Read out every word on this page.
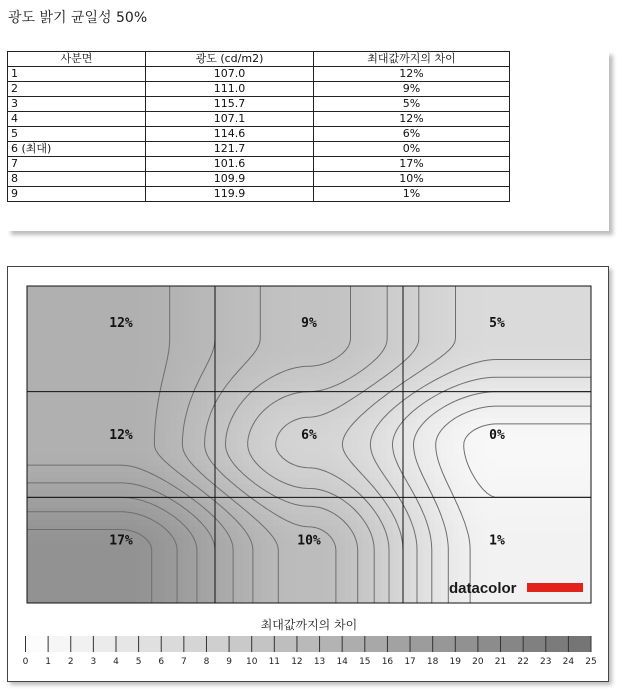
광도 밝기 균일성 50%
사분면	광도 (cd/m2)	최대값까지의 차이
1	107.0	12%
2	111.0	9%
3	115.7	5%
4	107.1	12%
5	114.6	6%
6 (최대)	121.7	0%
7	101.6	17%
8	109.9	10%
9	119.9	1%
12%	9%	5%
12%	6%	0%
17%	10%	1%
datacolor
최대값까지의 차이
0 1 2 3 4 5 6 7 8 9 10 11 12 13 14 15 16 17 18 19 20 21 22 23 24 25
